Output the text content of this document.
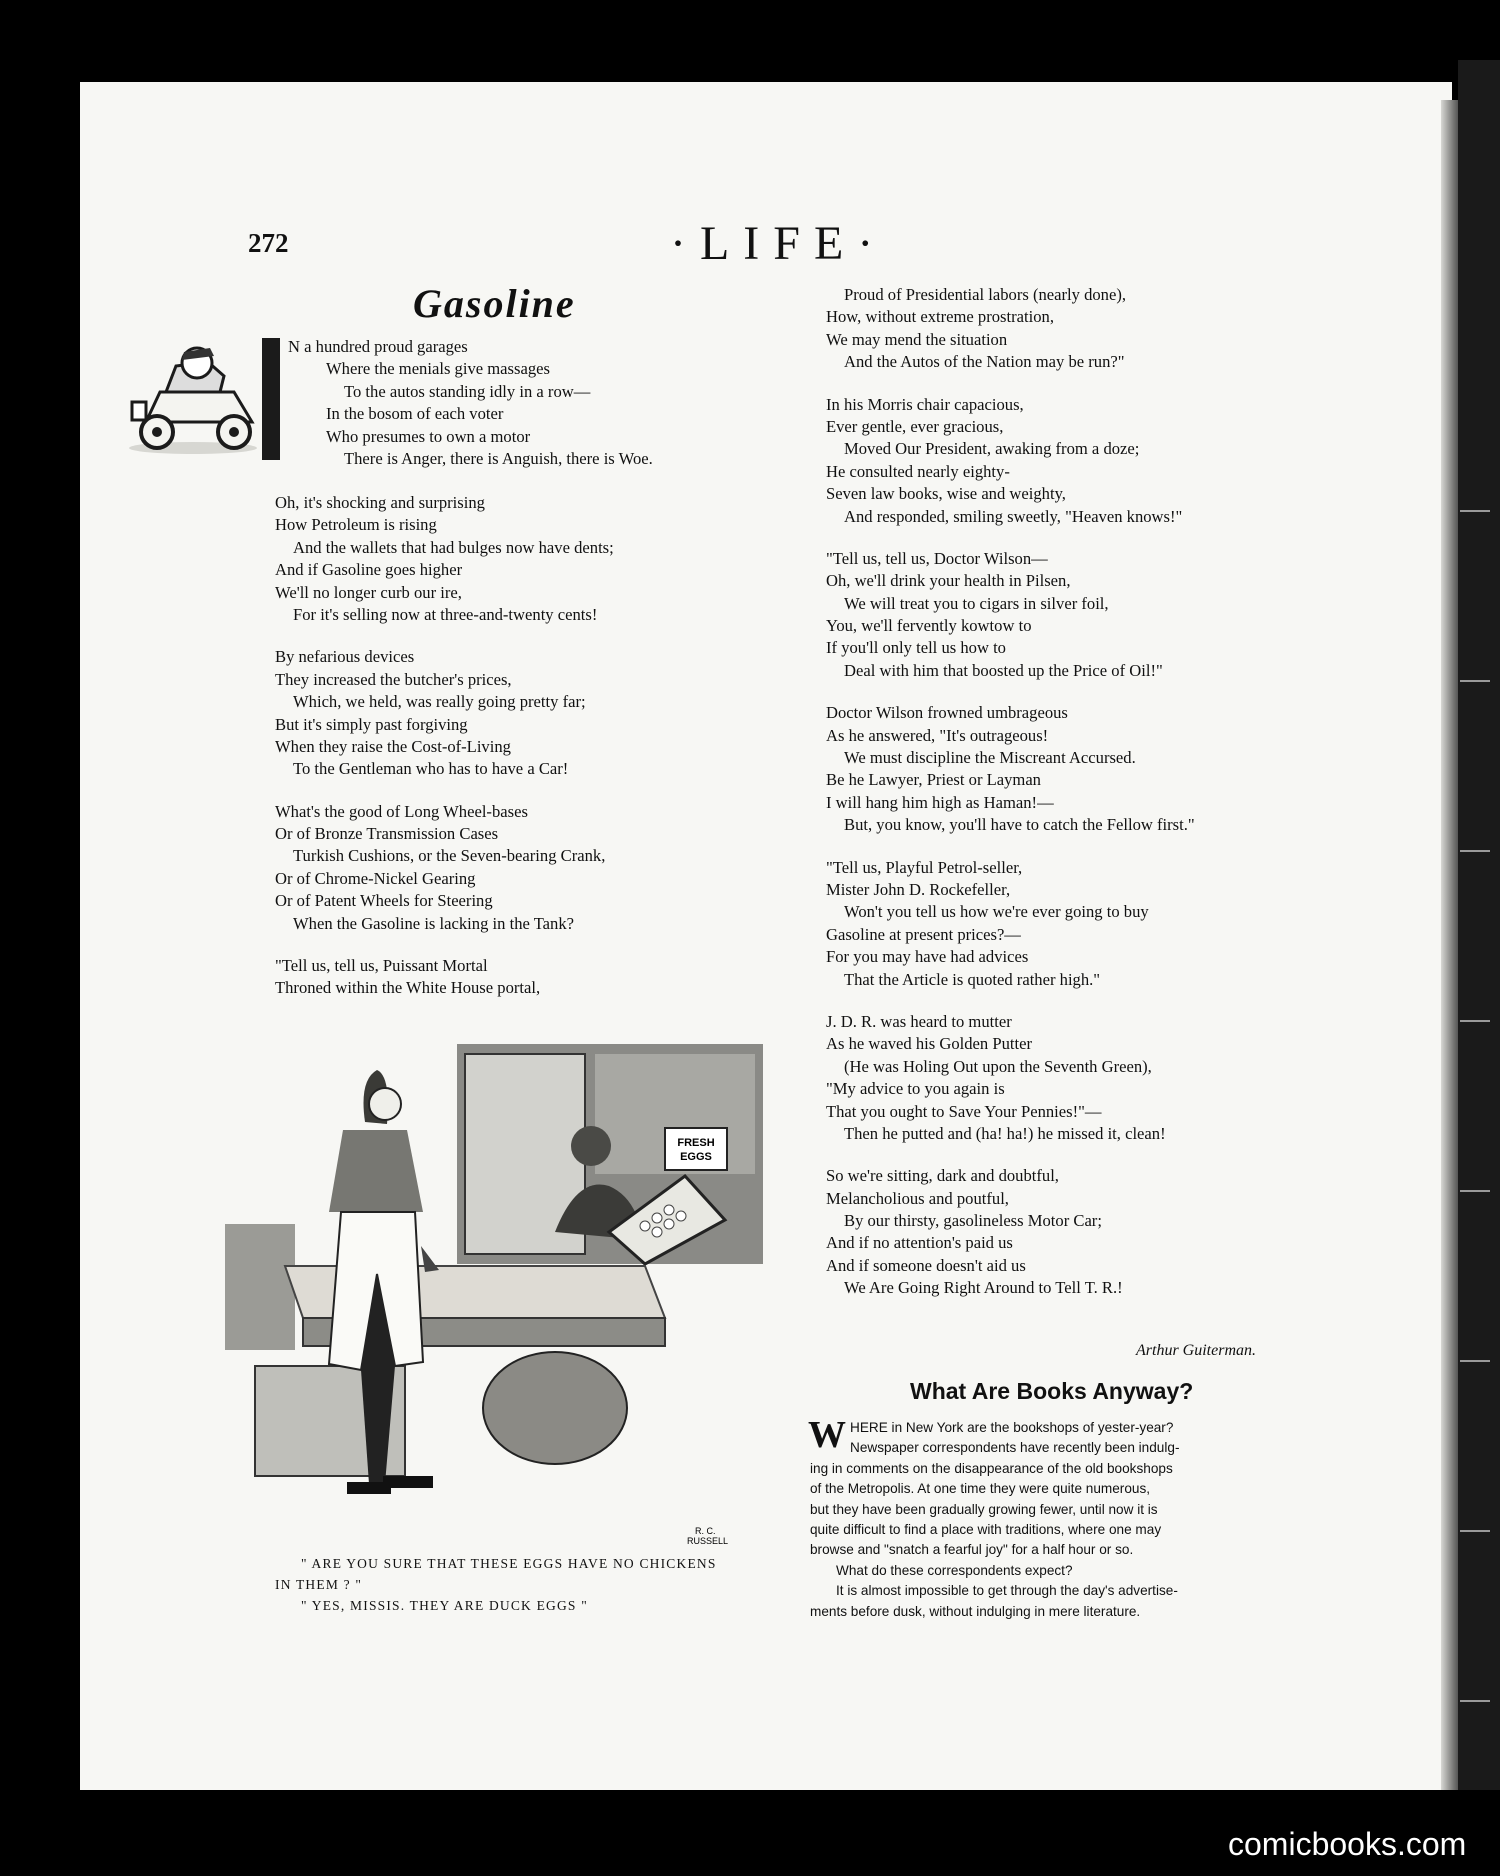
272	·LIFE·
Gasoline
N a hundred proud garages
Where the menials give massages
To the autos standing idly in a row—
In the bosom of each voter
Who presumes to own a motor
There is Anger, there is Anguish, there is Woe.
Oh, it's shocking and surprising
How Petroleum is rising
And the wallets that had bulges now have dents;
And if Gasoline goes higher
We'll no longer curb our ire,
For it's selling now at three-and-twenty cents!
By nefarious devices
They increased the butcher's prices,
Which, we held, was really going pretty far;
But it's simply past forgiving
When they raise the Cost-of-Living
To the Gentleman who has to have a Car!
What's the good of Long Wheel-bases
Or of Bronze Transmission Cases
Turkish Cushions, or the Seven-bearing Crank,
Or of Chrome-Nickel Gearing
Or of Patent Wheels for Steering
When the Gasoline is lacking in the Tank?
"Tell us, tell us, Puissant Mortal
Throned within the White House portal,
Proud of Presidential labors (nearly done),
How, without extreme prostration,
We may mend the situation
And the Autos of the Nation may be run?"
In his Morris chair capacious,
Ever gentle, ever gracious,
Moved Our President, awaking from a doze;
He consulted nearly eighty-
Seven law books, wise and weighty,
And responded, smiling sweetly, "Heaven knows!"
"Tell us, tell us, Doctor Wilson—
Oh, we'll drink your health in Pilsen,
We will treat you to cigars in silver foil,
You, we'll fervently kowtow to
If you'll only tell us how to
Deal with him that boosted up the Price of Oil!"
Doctor Wilson frowned umbrageous
As he answered, "It's outrageous!
We must discipline the Miscreant Accursed.
Be he Lawyer, Priest or Layman
I will hang him high as Haman!—
But, you know, you'll have to catch the Fellow first."
"Tell us, Playful Petrol-seller,
Mister John D. Rockefeller,
Won't you tell us how we're ever going to buy
Gasoline at present prices?—
For you may have had advices
That the Article is quoted rather high."
J. D. R. was heard to mutter
As he waved his Golden Putter
(He was Holing Out upon the Seventh Green),
"My advice to you again is
That you ought to Save Your Pennies!"—
Then he putted and (ha! ha!) he missed it, clean!
So we're sitting, dark and doubtful,
Melancholious and poutful,
By our thirsty, gasolineless Motor Car;
And if no attention's paid us
And if someone doesn't aid us
We Are Going Right Around to Tell T. R.!
Arthur Guiterman.
FRESH
EGGS
R. C.
RUSSELL
" ARE YOU SURE THAT THESE EGGS HAVE NO CHICKENS
IN THEM ? "
" YES, MISSIS. THEY ARE DUCK EGGS "
What Are Books Anyway?
W HERE in New York are the bookshops of yester-year?
Newspaper correspondents have recently been indulg-
ing in comments on the disappearance of the old bookshops
of the Metropolis. At one time they were quite numerous,
but they have been gradually growing fewer, until now it is
quite difficult to find a place with traditions, where one may
browse and "snatch a fearful joy" for a half hour or so.
What do these correspondents expect?
It is almost impossible to get through the day's advertise-
ments before dusk, without indulging in mere literature.
comicbooks.com
